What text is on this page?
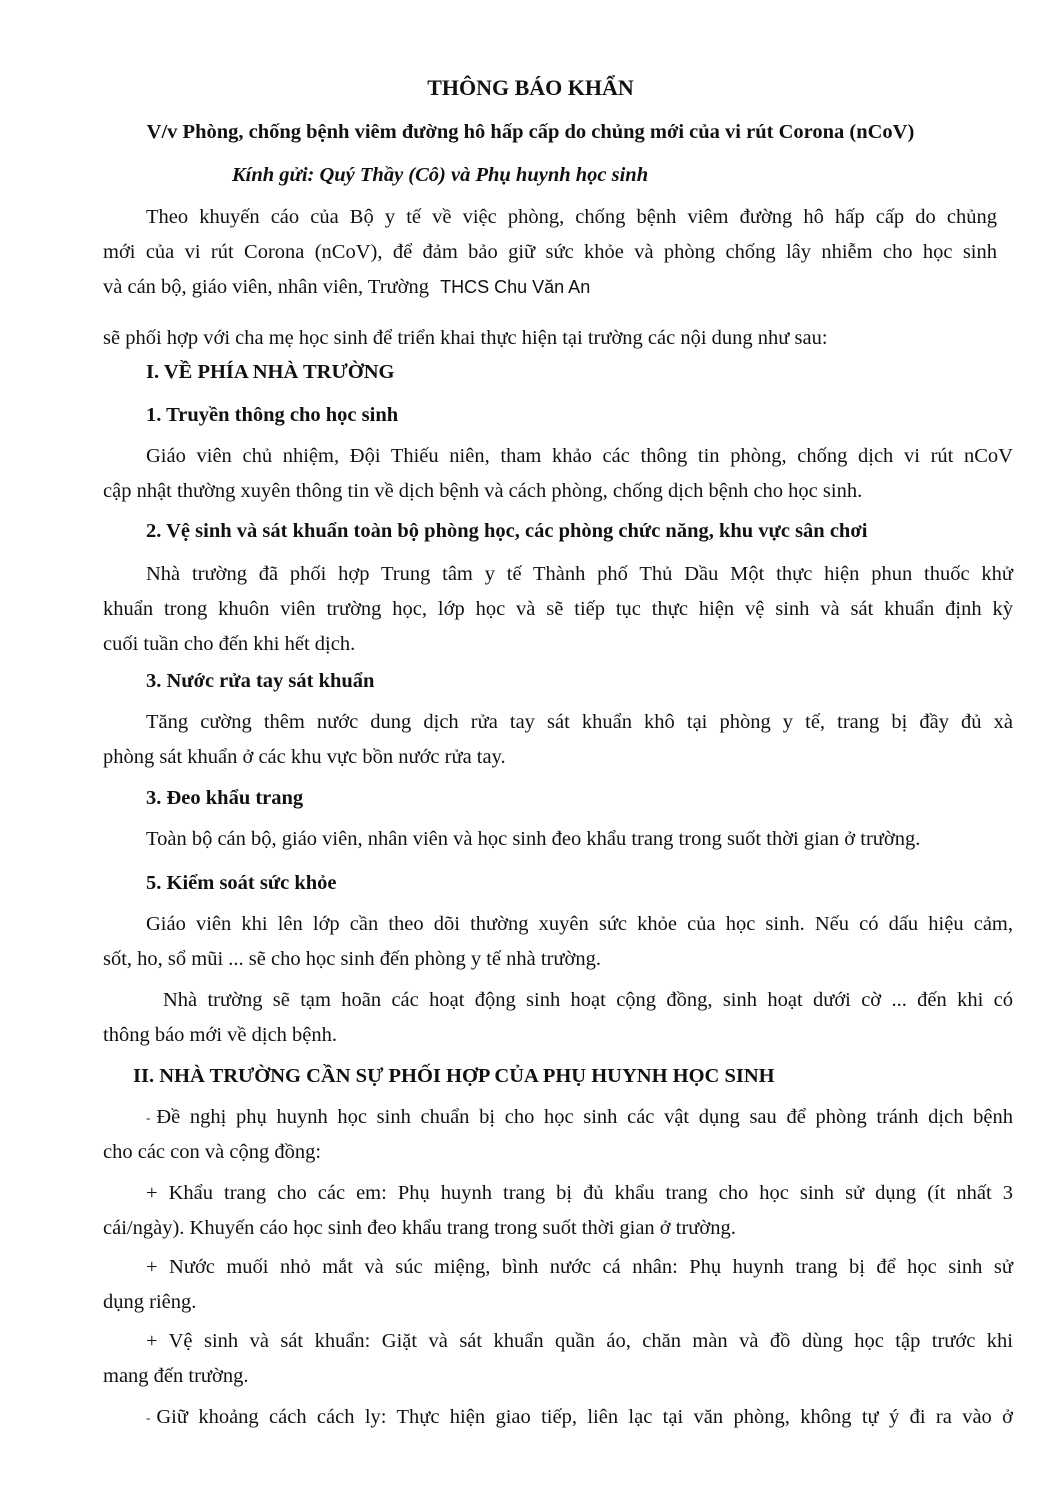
THÔNG BÁO KHẨN
V/v Phòng, chống bệnh viêm đường hô hấp cấp do chủng mới của vi rút Corona (nCoV)
Kính gửi: Quý Thầy (Cô) và Phụ huynh học sinh
Theo khuyến cáo của Bộ y tế về việc phòng, chống bệnh viêm đường hô hấp cấp do chủng
mới của vi rút Corona (nCoV), để đảm bảo giữ sức khỏe và phòng chống lây nhiễm cho học sinh
và cán bộ, giáo viên, nhân viên, Trường THCS Chu Văn An
sẽ phối hợp với cha mẹ học sinh để triển khai thực hiện tại trường các nội dung như sau:
I. VỀ PHÍA NHÀ TRƯỜNG
1. Truyền thông cho học sinh
Giáo viên chủ nhiệm, Đội Thiếu niên, tham khảo các thông tin phòng, chống dịch vi rút nCoV
cập nhật thường xuyên thông tin về dịch bệnh và cách phòng, chống dịch bệnh cho học sinh.
2. Vệ sinh và sát khuẩn toàn bộ phòng học, các phòng chức năng, khu vực sân chơi
Nhà trường đã phối hợp Trung tâm y tế Thành phố Thủ Dầu Một thực hiện phun thuốc khử
khuẩn trong khuôn viên trường học, lớp học và sẽ tiếp tục thực hiện vệ sinh và sát khuẩn định kỳ
cuối tuần cho đến khi hết dịch.
3. Nước rửa tay sát khuẩn
Tăng cường thêm nước dung dịch rửa tay sát khuẩn khô tại phòng y tế, trang bị đầy đủ xà
phòng sát khuẩn ở các khu vực bồn nước rửa tay.
3. Đeo khẩu trang
Toàn bộ cán bộ, giáo viên, nhân viên và học sinh đeo khẩu trang trong suốt thời gian ở trường.
5. Kiểm soát sức khỏe
Giáo viên khi lên lớp cần theo dõi thường xuyên sức khỏe của học sinh. Nếu có dấu hiệu cảm,
sốt, ho, sổ mũi ... sẽ cho học sinh đến phòng y tế nhà trường.
Nhà trường sẽ tạm hoãn các hoạt động sinh hoạt cộng đồng, sinh hoạt dưới cờ ... đến khi có
thông báo mới về dịch bệnh.
II. NHÀ TRƯỜNG CẦN SỰ PHỐI HỢP CỦA PHỤ HUYNH HỌC SINH
- Đề nghị phụ huynh học sinh chuẩn bị cho học sinh các vật dụng sau để phòng tránh dịch bệnh
cho các con và cộng đồng:
+ Khẩu trang cho các em: Phụ huynh trang bị đủ khẩu trang cho học sinh sử dụng (ít nhất 3
cái/ngày). Khuyến cáo học sinh đeo khẩu trang trong suốt thời gian ở trường.
+ Nước muối nhỏ mắt và súc miệng, bình nước cá nhân: Phụ huynh trang bị để học sinh sử
dụng riêng.
+ Vệ sinh và sát khuẩn: Giặt và sát khuẩn quần áo, chăn màn và đồ dùng học tập trước khi
mang đến trường.
- Giữ khoảng cách cách ly: Thực hiện giao tiếp, liên lạc tại văn phòng, không tự ý đi ra vào ở
